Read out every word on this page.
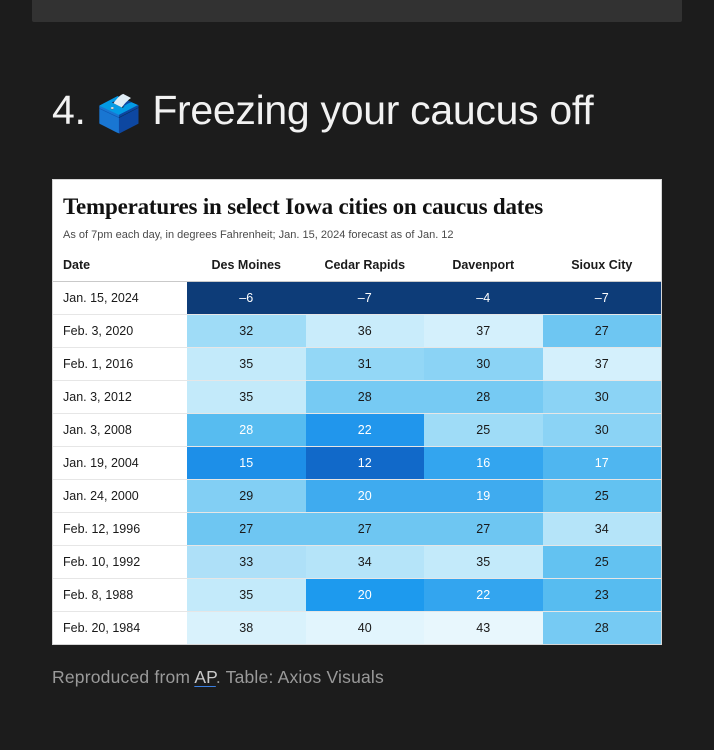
4. 🗳️ Freezing your caucus off
Temperatures in select Iowa cities on caucus dates
As of 7pm each day, in degrees Fahrenheit; Jan. 15, 2024 forecast as of Jan. 12
Date	Des Moines	Cedar Rapids	Davenport	Sioux City
Jan. 15, 2024	–6	–7	–4	–7
Feb. 3, 2020	32	36	37	27
Feb. 1, 2016	35	31	30	37
Jan. 3, 2012	35	28	28	30
Jan. 3, 2008	28	22	25	30
Jan. 19, 2004	15	12	16	17
Jan. 24, 2000	29	20	19	25
Feb. 12, 1996	27	27	27	34
Feb. 10, 1992	33	34	35	25
Feb. 8, 1988	35	20	22	23
Feb. 20, 1984	38	40	43	28
Reproduced from AP. Table: Axios Visuals
